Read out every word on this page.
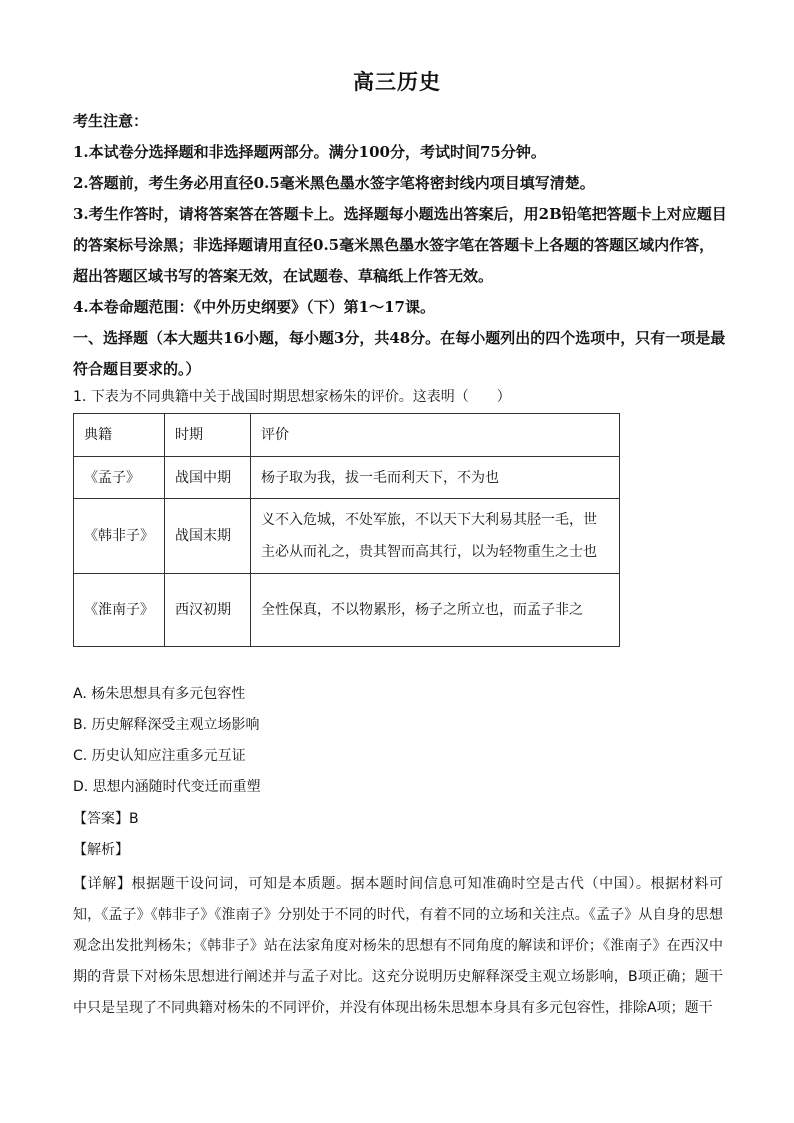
高三历史

考生注意：

1.本试卷分选择题和非选择题两部分。满分100分，考试时间75分钟。

2.答题前，考生务必用直径0.5毫米黑色墨水签字笔将密封线内项目填写清楚。

3.考生作答时，请将答案答在答题卡上。选择题每小题选出答案后，用2B铅笔把答题卡上对应题目的答案标号涂黑；非选择题请用直径0.5毫米黑色墨水签字笔在答题卡上各题的答题区域内作答，超出答题区域书写的答案无效，在试题卷、草稿纸上作答无效。

4.本卷命题范围：《中外历史纲要》（下）第1～17课。

一、选择题（本大题共16小题，每小题3分，共48分。在每小题列出的四个选项中，只有一项是最符合题目要求的。）

1. 下表为不同典籍中关于战国时期思想家杨朱的评价。这表明（　　）
典籍	时期	评价
《孟子》	战国中期	杨子取为我，拔一毛而利天下，不为也
《韩非子》	战国末期	义不入危城，不处军旅，不以天下大利易其胫一毛，世主必从而礼之，贵其智而高其行，以为轻物重生之士也
《淮南子》	西汉初期	全性保真，不以物累形，杨子之所立也，而孟子非之
A. 杨朱思想具有多元包容性
B. 历史解释深受主观立场影响
C. 历史认知应注重多元互证
D. 思想内涵随时代变迁而重塑
【答案】B
【解析】
【详解】根据题干设问词，可知是本质题。据本题时间信息可知准确时空是古代（中国）。根据材料可知，《孟子》《韩非子》《淮南子》分别处于不同的时代，有着不同的立场和关注点。《孟子》从自身的思想观念出发批判杨朱；《韩非子》站在法家角度对杨朱的思想有不同角度的解读和评价；《淮南子》在西汉中期的背景下对杨朱思想进行阐述并与孟子对比。这充分说明历史解释深受主观立场影响，B项正确；题干中只是呈现了不同典籍对杨朱的不同评价，并没有体现出杨朱思想本身具有多元包容性，排除A项；题干
